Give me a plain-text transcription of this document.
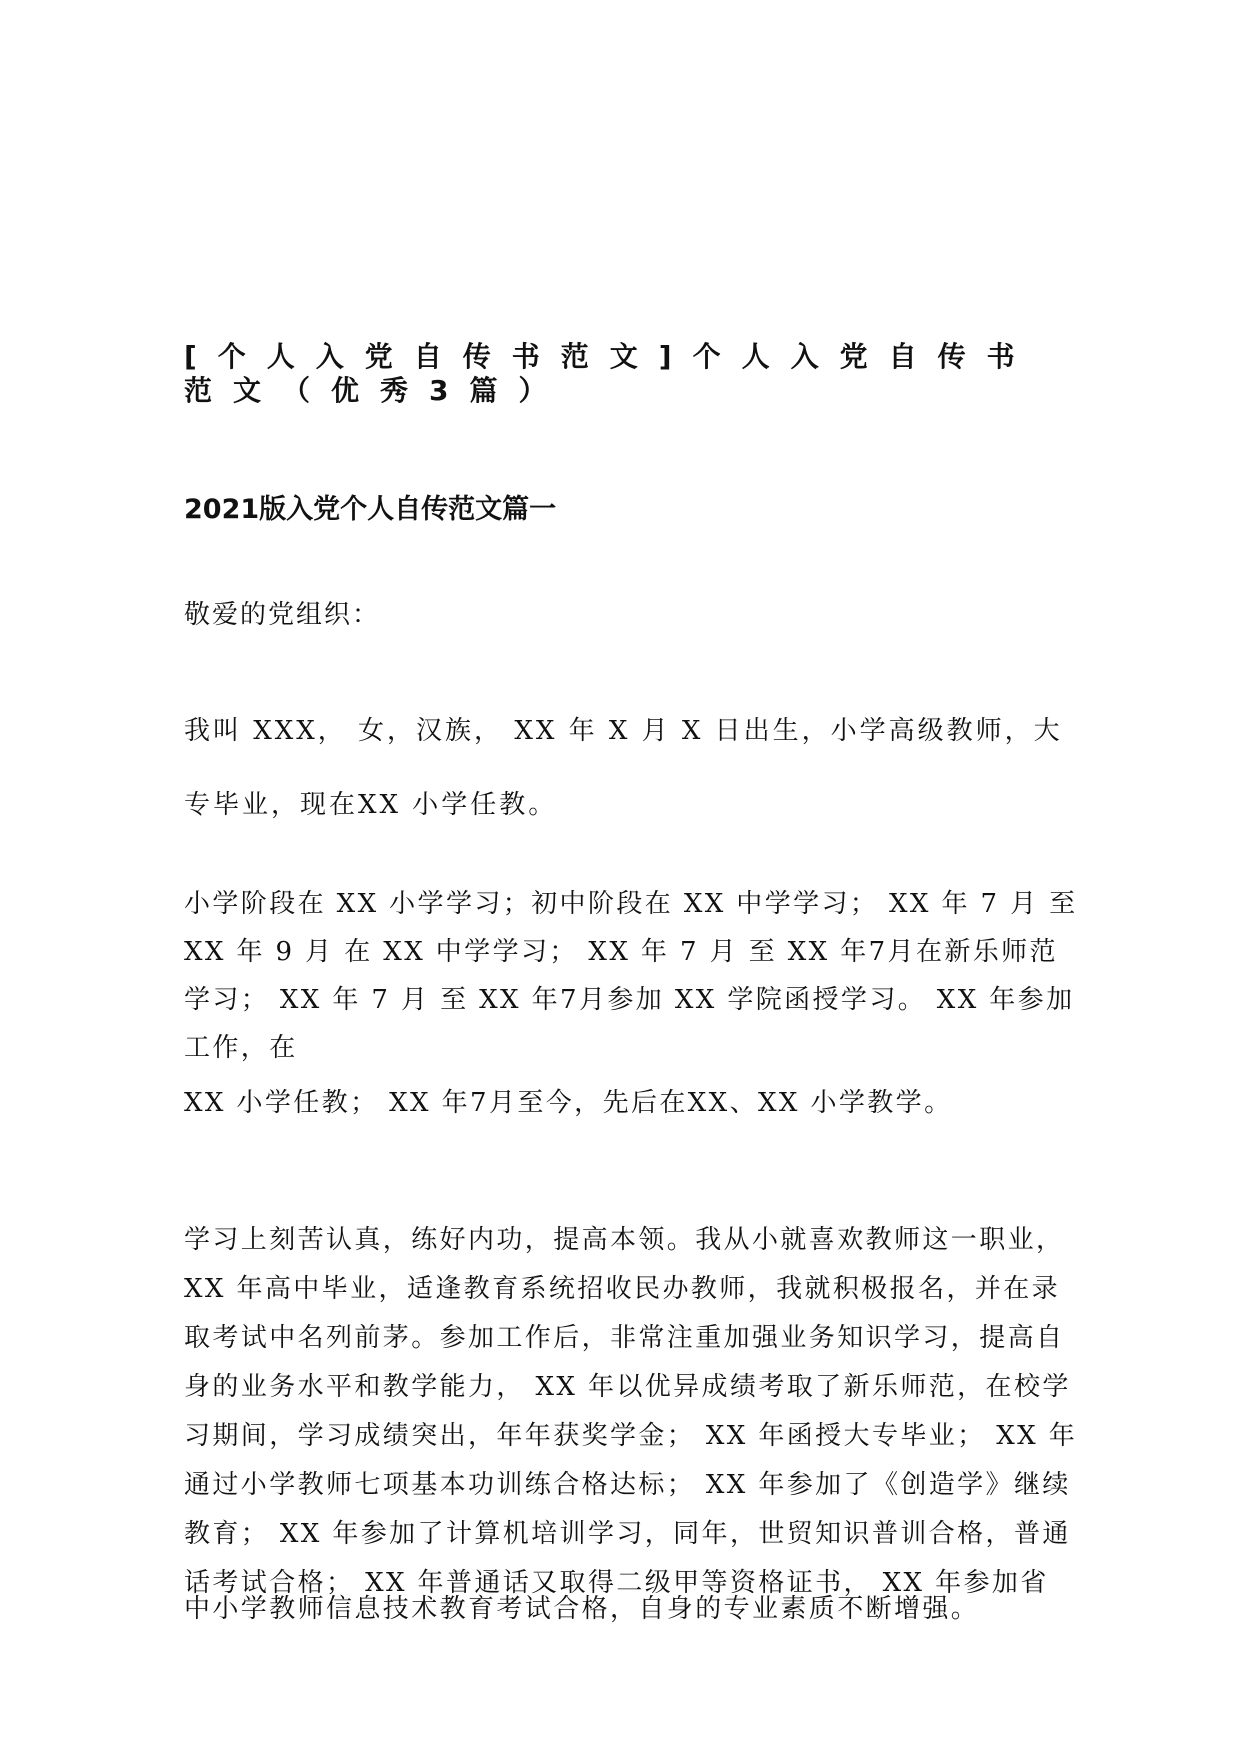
[个人入党自传书范文]个人入党自传书范文（优秀3篇）
2021版入党个人自传范文篇一

敬爱的党组织：

我叫 XXX， 女，汉族， XX 年 X 月 X 日出生，小学高级教师，大专毕业，现在XX 小学任教。

小学阶段在 XX 小学学习；初中阶段在 XX 中学学习； XX 年 7 月 至 XX 年 9 月 在 XX 中学学习； XX 年 7 月 至 XX 年7月在新乐师范学习； XX 年 7 月 至 XX 年7月参加 XX 学院函授学习。 XX 年参加工作，在

XX 小学任教； XX 年7月至今，先后在XX、XX 小学教学。

学习上刻苦认真，练好内功，提高本领。我从小就喜欢教师这一职业，XX 年高中毕业，适逢教育系统招收民办教师，我就积极报名，并在录取考试中名列前茅。参加工作后，非常注重加强业务知识学习，提高自身的业务水平和教学能力， XX 年以优异成绩考取了新乐师范，在校学习期间，学习成绩突出，年年获奖学金； XX 年函授大专毕业； XX 年通过小学教师七项基本功训练合格达标； XX 年参加了《创造学》继续教育； XX 年参加了计算机培训学习，同年，世贸知识普训合格，普通话考试合格； XX 年普通话又取得二级甲等资格证书， XX 年参加省

中小学教师信息技术教育考试合格，自身的专业素质不断增强。
